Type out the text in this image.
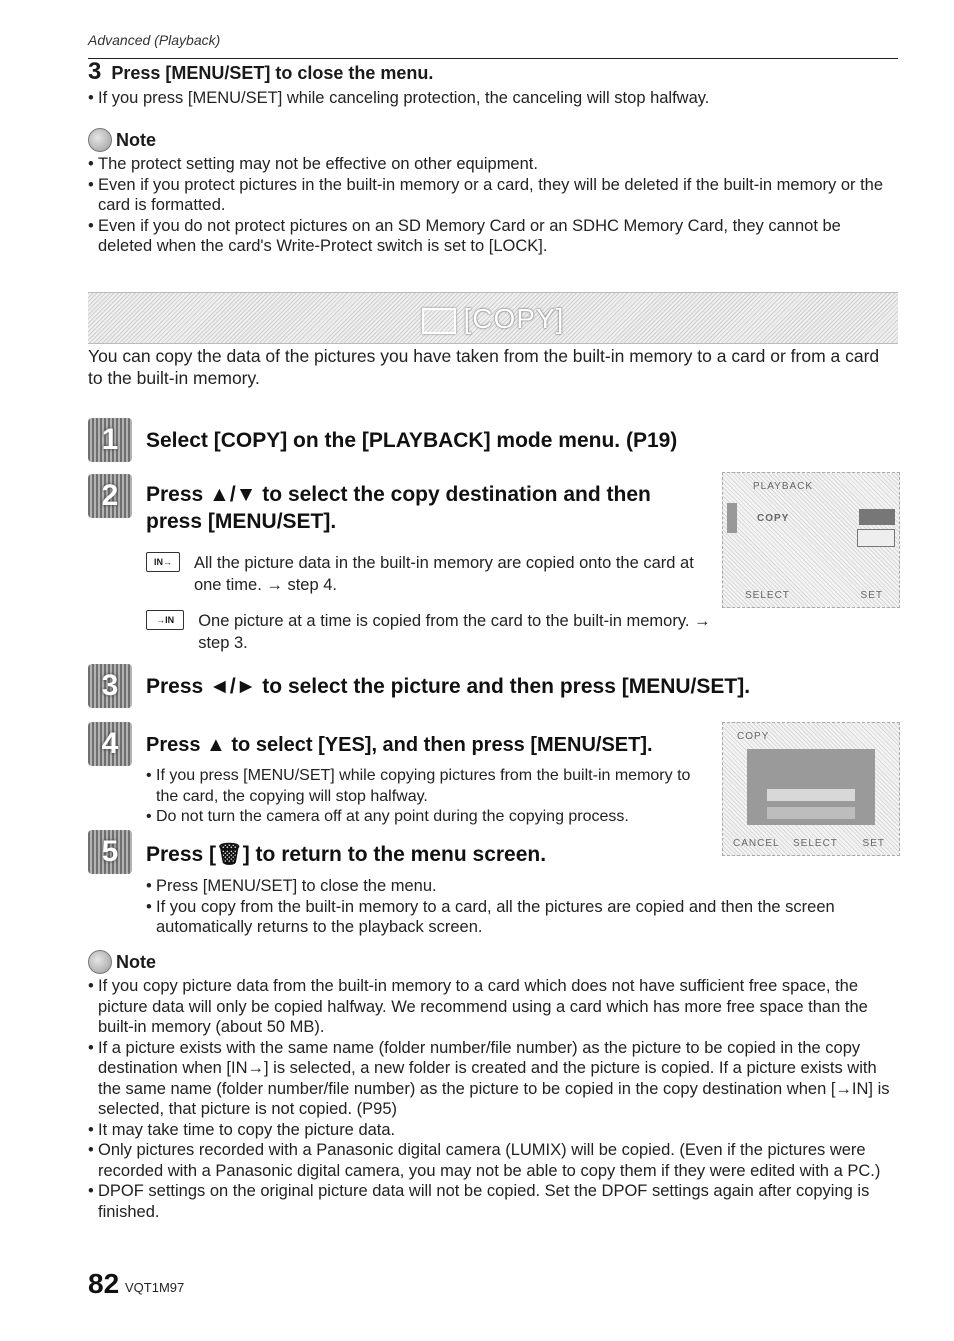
Advanced (Playback)
3 Press [MENU/SET] to close the menu.
• If you press [MENU/SET] while canceling protection, the canceling will stop halfway.
Note
• The protect setting may not be effective on other equipment.
• Even if you protect pictures in the built-in memory or a card, they will be deleted if the built-in memory or the card is formatted.
• Even if you do not protect pictures on an SD Memory Card or an SDHC Memory Card, they cannot be deleted when the card's Write-Protect switch is set to [LOCK].
[COPY]
You can copy the data of the pictures you have taken from the built-in memory to a card or from a card to the built-in memory.
1	Select [COPY] on the [PLAYBACK] mode menu. (P19)
2	Press ▲/▼ to select the copy destination and then press [MENU/SET].
IN→	All the picture data in the built-in memory are copied onto the card at one time. → step 4.
→IN	One picture at a time is copied from the card to the built-in memory. → step 3.
PLAYBACK
COPY
SELECT	SET
3	Press ◄/► to select the picture and then press [MENU/SET].
4	Press ▲ to select [YES], and then press [MENU/SET].
• If you press [MENU/SET] while copying pictures from the built-in memory to the card, the copying will stop halfway.
• Do not turn the camera off at any point during the copying process.
COPY
CANCEL SELECT SET
5	Press [🗑] to return to the menu screen.
• Press [MENU/SET] to close the menu.
• If you copy from the built-in memory to a card, all the pictures are copied and then the screen automatically returns to the playback screen.
Note
• If you copy picture data from the built-in memory to a card which does not have sufficient free space, the picture data will only be copied halfway. We recommend using a card which has more free space than the built-in memory (about 50 MB).
• If a picture exists with the same name (folder number/file number) as the picture to be copied in the copy destination when [IN→] is selected, a new folder is created and the picture is copied. If a picture exists with the same name (folder number/file number) as the picture to be copied in the copy destination when [→IN] is selected, that picture is not copied. (P95)
• It may take time to copy the picture data.
• Only pictures recorded with a Panasonic digital camera (LUMIX) will be copied. (Even if the pictures were recorded with a Panasonic digital camera, you may not be able to copy them if they were edited with a PC.)
• DPOF settings on the original picture data will not be copied. Set the DPOF settings again after copying is finished.
82 VQT1M97
